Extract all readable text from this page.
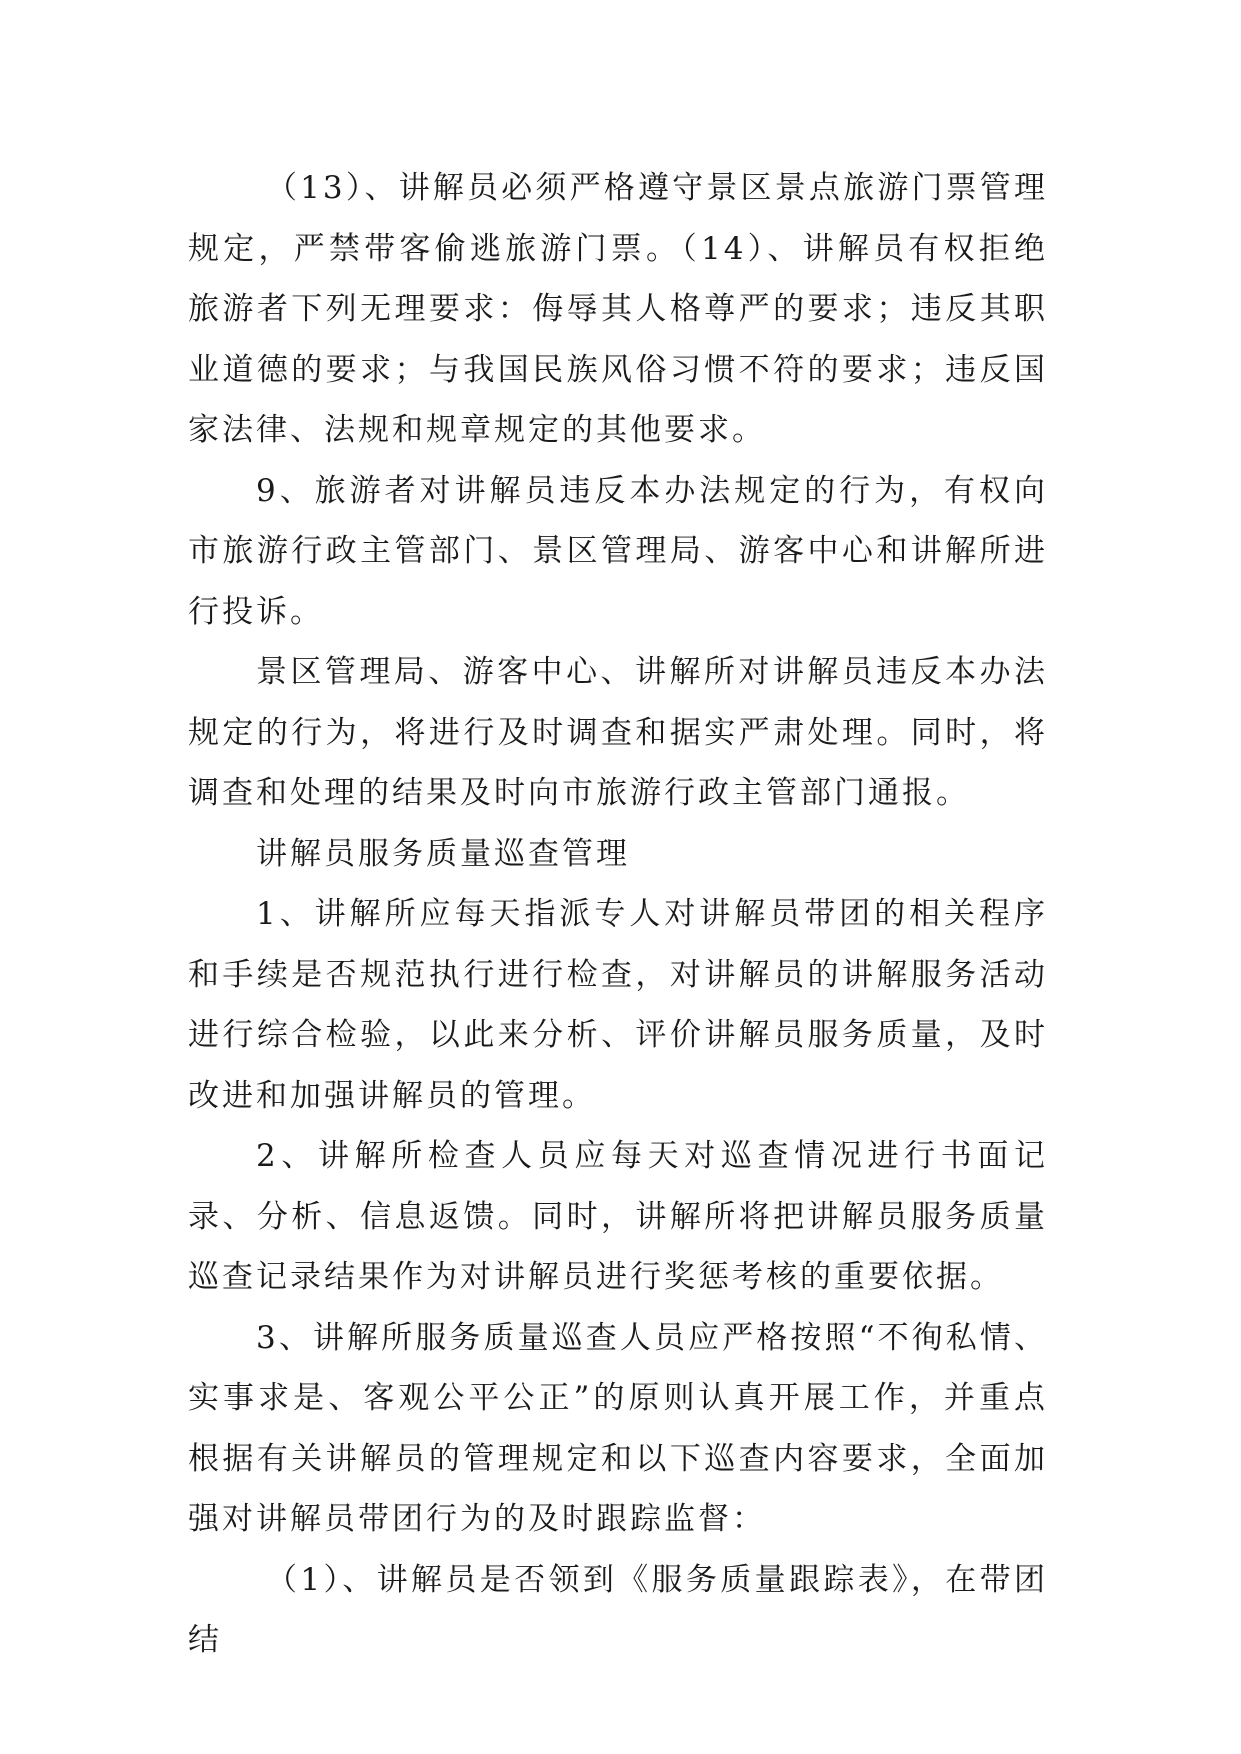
（13）、讲解员必须严格遵守景区景点旅游门票管理规定，严禁带客偷逃旅游门票。（14）、讲解员有权拒绝旅游者下列无理要求：侮辱其人格尊严的要求；违反其职业道德的要求；与我国民族风俗习惯不符的要求；违反国家法律、法规和规章规定的其他要求。

9、旅游者对讲解员违反本办法规定的行为，有权向市旅游行政主管部门、景区管理局、游客中心和讲解所进行投诉。

景区管理局、游客中心、讲解所对讲解员违反本办法规定的行为，将进行及时调查和据实严肃处理。同时，将调查和处理的结果及时向市旅游行政主管部门通报。

讲解员服务质量巡查管理

1、讲解所应每天指派专人对讲解员带团的相关程序和手续是否规范执行进行检查，对讲解员的讲解服务活动进行综合检验，以此来分析、评价讲解员服务质量，及时改进和加强讲解员的管理。

2、讲解所检查人员应每天对巡查情况进行书面记录、分析、信息返馈。同时，讲解所将把讲解员服务质量巡查记录结果作为对讲解员进行奖惩考核的重要依据。

3、讲解所服务质量巡查人员应严格按照“不徇私情、实事求是、客观公平公正”的原则认真开展工作，并重点根据有关讲解员的管理规定和以下巡查内容要求，全面加强对讲解员带团行为的及时跟踪监督：

（1）、讲解员是否领到《服务质量跟踪表》，在带团结
